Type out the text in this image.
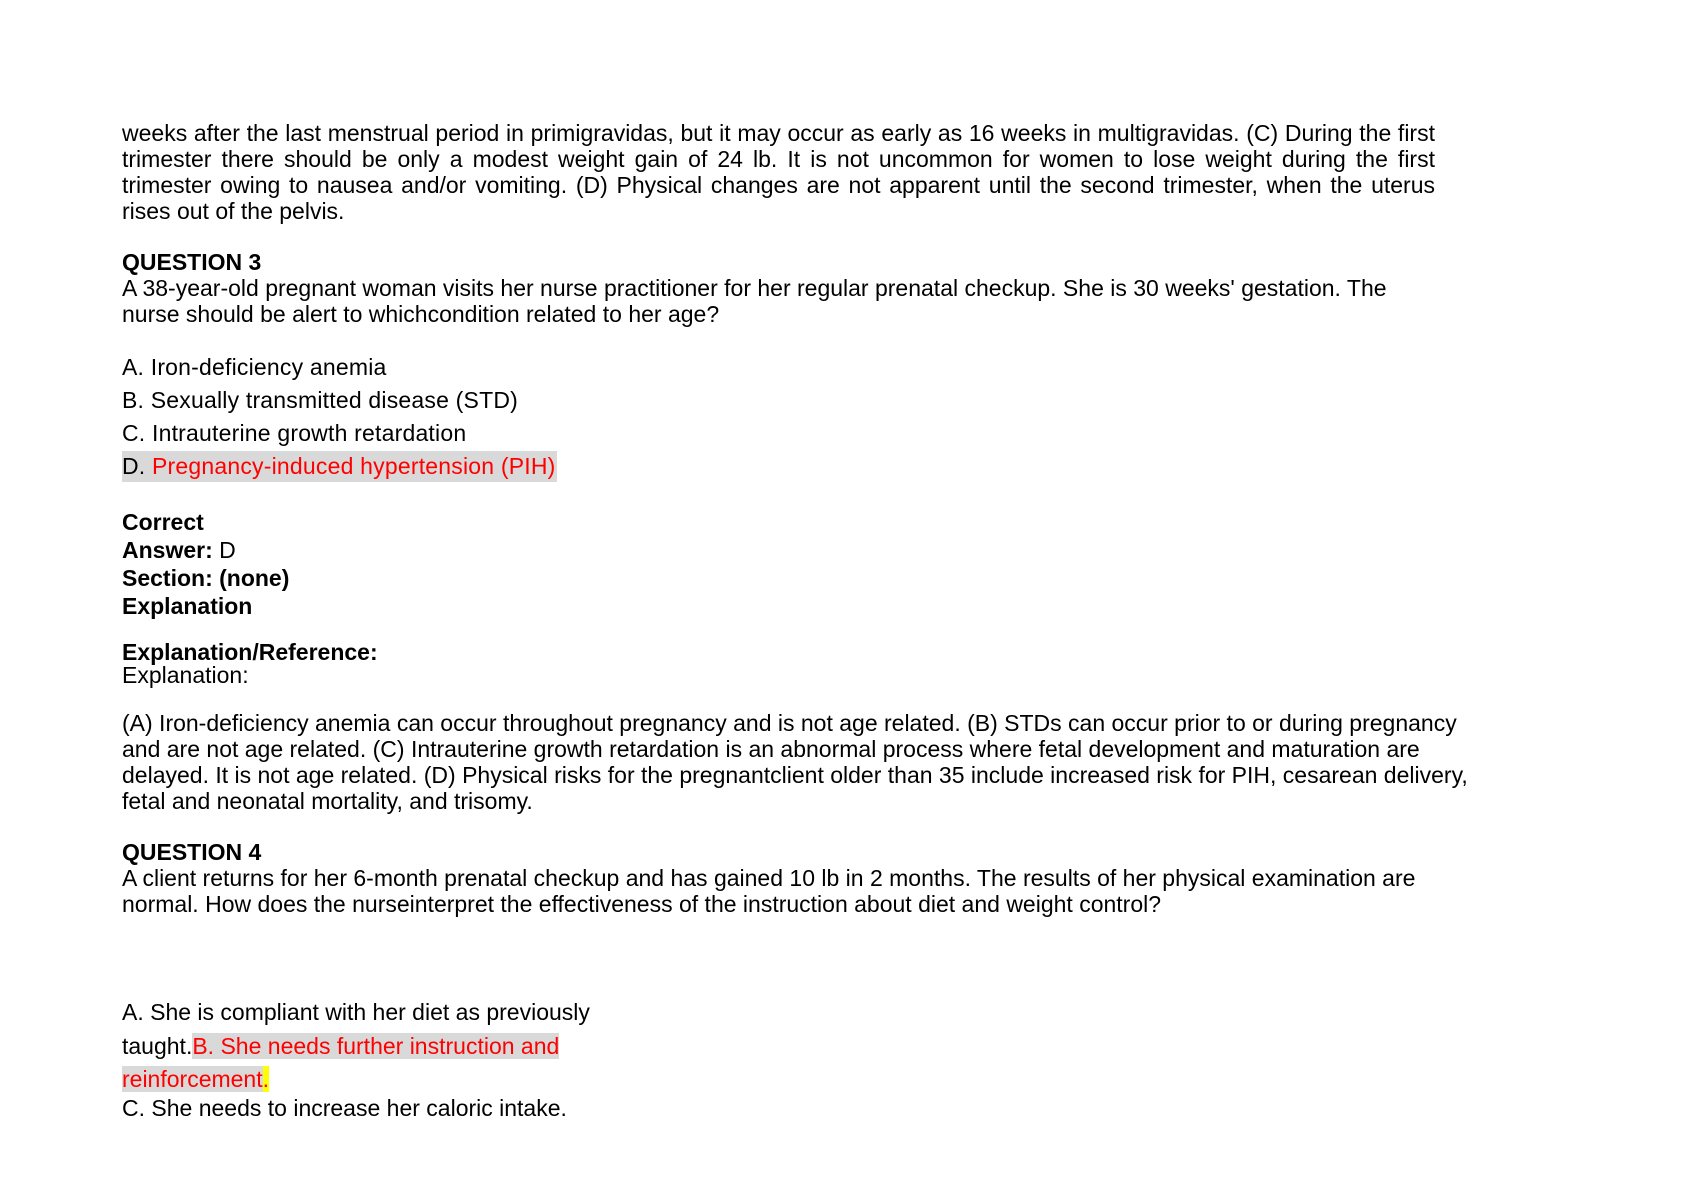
weeks after the last menstrual period in primigravidas, but it may occur as early as 16 weeks in multigravidas. (C) During the first trimester there should be only a modest weight gain of 24 lb. It is not uncommon for women to lose weight during the first trimester owing to nausea and/or vomiting. (D) Physical changes are not apparent until the second trimester, when the uterus rises out of the pelvis.

QUESTION 3

A 38-year-old pregnant woman visits her nurse practitioner for her regular prenatal checkup. She is 30 weeks' gestation. The nurse should be alert to whichcondition related to her age?

A. Iron-deficiency anemia
B. Sexually transmitted disease (STD)
C. Intrauterine growth retardation
D. Pregnancy-induced hypertension (PIH)

Correct

Answer: D

Section: (none)

Explanation

Explanation/Reference:

Explanation:

(A) Iron-deficiency anemia can occur throughout pregnancy and is not age related. (B) STDs can occur prior to or during pregnancy and are not age related. (C) Intrauterine growth retardation is an abnormal process where fetal development and maturation are delayed. It is not age related. (D) Physical risks for the pregnantclient older than 35 include increased risk for PIH, cesarean delivery, fetal and neonatal mortality, and trisomy.

QUESTION 4

A client returns for her 6-month prenatal checkup and has gained 10 lb in 2 months. The results of her physical examination are normal. How does the nurseinterpret the effectiveness of the instruction about diet and weight control?

A. She is compliant with her diet as previously
taught.B. She needs further instruction and
reinforcement.
C. She needs to increase her caloric intake.
